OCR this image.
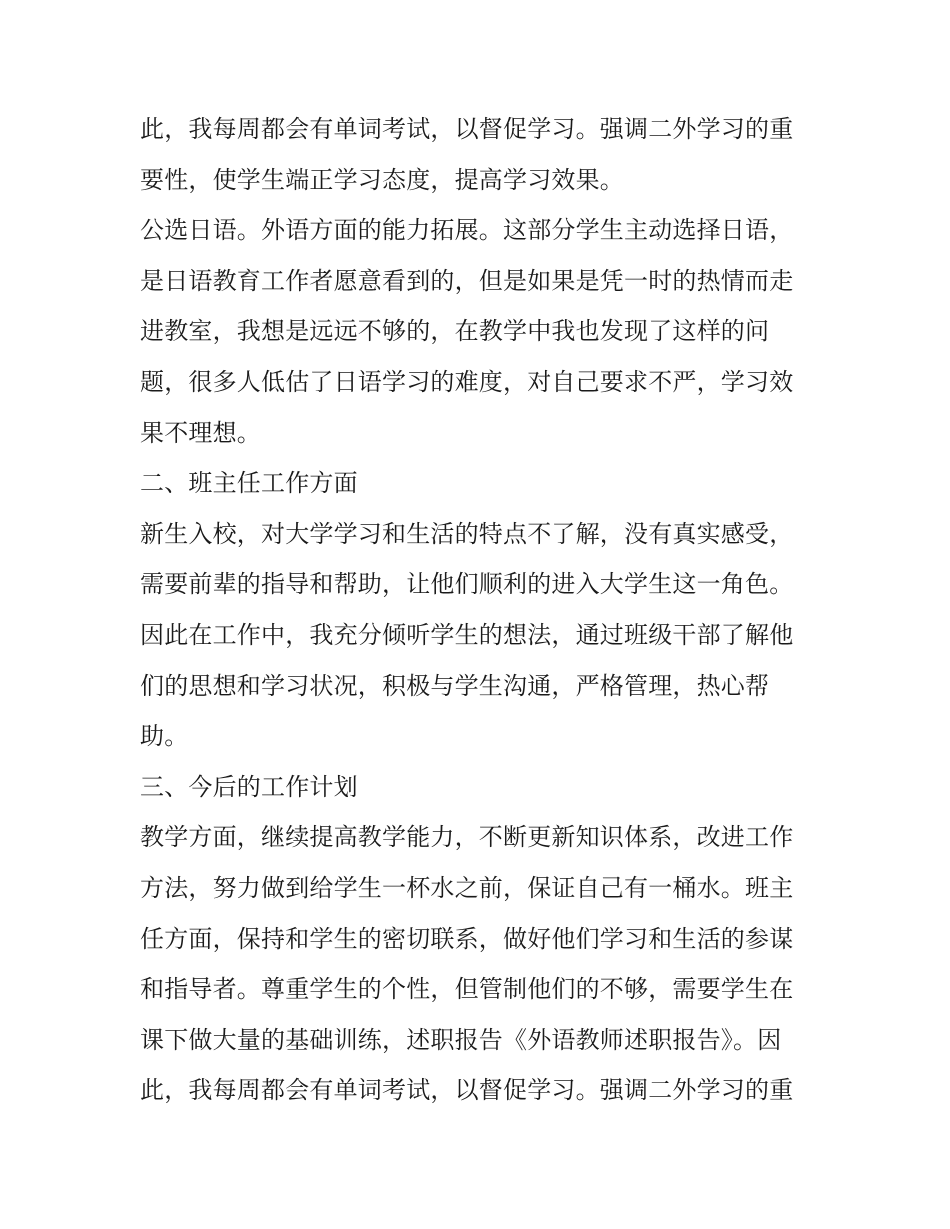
此，我每周都会有单词考试，以督促学习。强调二外学习的重
要性，使学生端正学习态度，提高学习效果。
公选日语。外语方面的能力拓展。这部分学生主动选择日语，
是日语教育工作者愿意看到的，但是如果是凭一时的热情而走
进教室，我想是远远不够的，在教学中我也发现了这样的问
题，很多人低估了日语学习的难度，对自己要求不严，学习效
果不理想。
二、班主任工作方面
新生入校，对大学学习和生活的特点不了解，没有真实感受，
需要前辈的指导和帮助，让他们顺利的进入大学生这一角色。
因此在工作中，我充分倾听学生的想法，通过班级干部了解他
们的思想和学习状况，积极与学生沟通，严格管理，热心帮
助。
三、今后的工作计划
教学方面，继续提高教学能力，不断更新知识体系，改进工作
方法，努力做到给学生一杯水之前，保证自己有一桶水。班主
任方面，保持和学生的密切联系，做好他们学习和生活的参谋
和指导者。尊重学生的个性，但管制他们的不够，需要学生在
课下做大量的基础训练，述职报告《外语教师述职报告》。因
此，我每周都会有单词考试，以督促学习。强调二外学习的重
